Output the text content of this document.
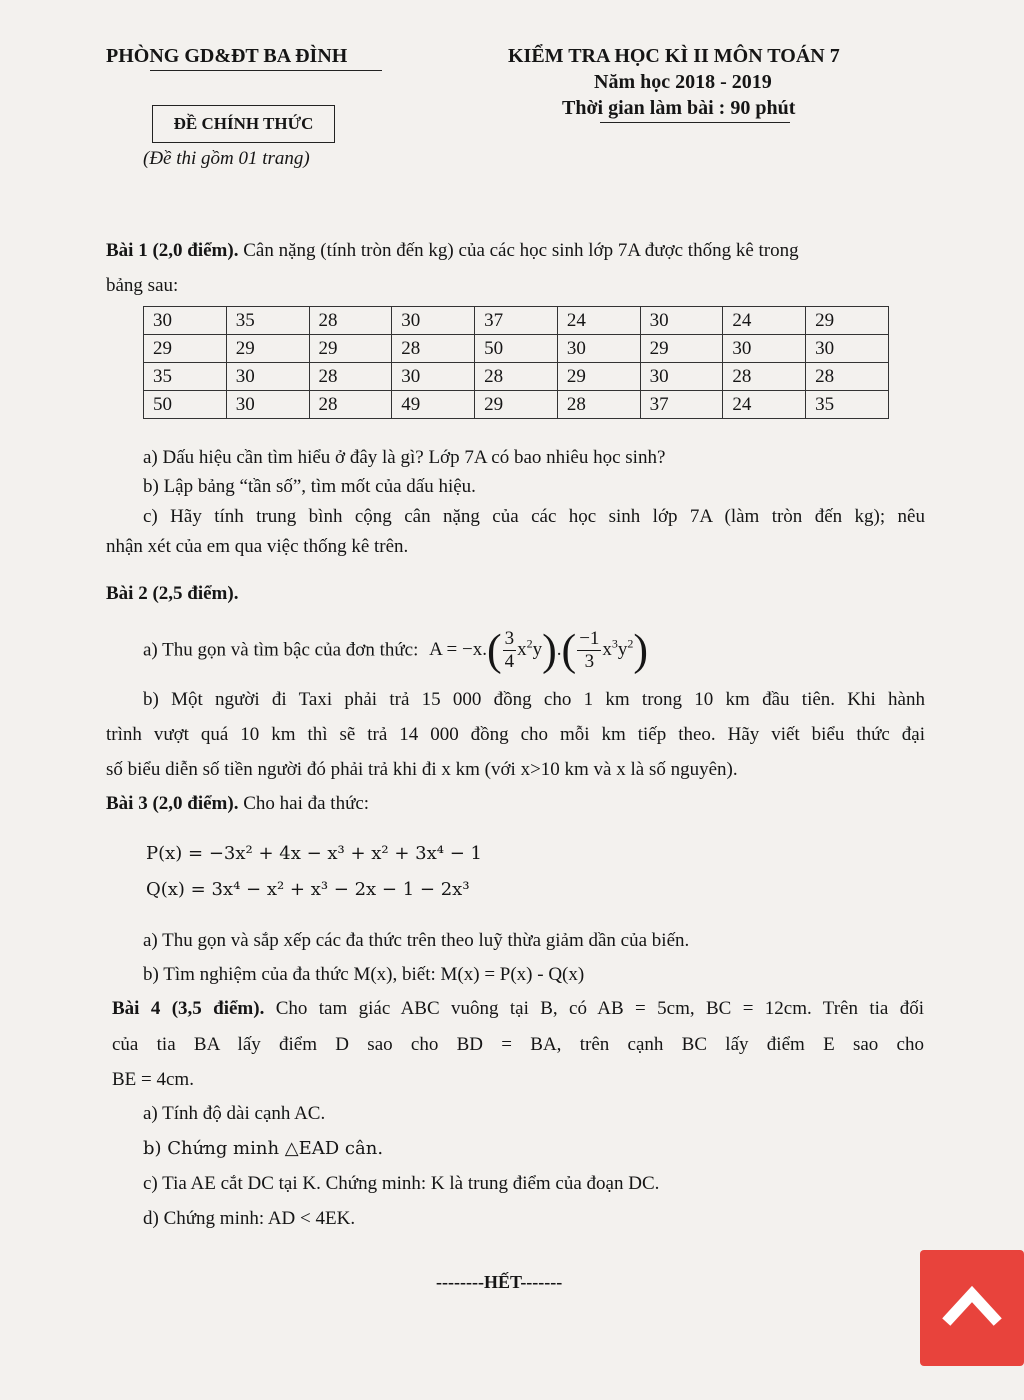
PHÒNG GD&ĐT BA ĐÌNH	KIỂM TRA HỌC KÌ II MÔN TOÁN 7
Năm học 2018 - 2019
Thời gian làm bài : 90 phút
ĐỀ CHÍNH THỨC
(Đề thi gồm 01 trang)
Bài 1 (2,0 điểm). Cân nặng (tính tròn đến kg) của các học sinh lớp 7A được thống kê trong
bảng sau:
30	35	28	30	37	24	30	24	29
29	29	29	28	50	30	29	30	30
35	30	28	30	28	29	30	28	28
50	30	28	49	29	28	37	24	35
a) Dấu hiệu cần tìm hiểu ở đây là gì? Lớp 7A có bao nhiêu học sinh?
b) Lập bảng “tần số”, tìm mốt của dấu hiệu.
c) Hãy tính trung bình cộng cân nặng của các học sinh lớp 7A (làm tròn đến kg); nêu
nhận xét của em qua việc thống kê trên.
Bài 2 (2,5 điểm).
a) Thu gọn và tìm bậc của đơn thức: $A = -x.( \frac{3}{4} x^2y).( \frac{-1}{3} x^3y^2)$
b) Một người đi Taxi phải trả 15 000 đồng cho 1 km trong 10 km đầu tiên. Khi hành
trình vượt quá 10 km thì sẽ trả 14 000 đồng cho mỗi km tiếp theo. Hãy viết biểu thức đại
số biểu diễn số tiền người đó phải trả khi đi x km (với x>10 km và x là số nguyên).
Bài 3 (2,0 điểm). Cho hai đa thức:
P(x) = −3x² + 4x − x³ + x² + 3x⁴ − 1
Q(x) = 3x⁴ − x² + x³ − 2x − 1 − 2x³
a) Thu gọn và sắp xếp các đa thức trên theo luỹ thừa giảm dần của biến.
b) Tìm nghiệm của đa thức M(x), biết: M(x) = P(x) - Q(x)
Bài 4 (3,5 điểm). Cho tam giác ABC vuông tại B, có AB = 5cm, BC = 12cm. Trên tia đối
của tia BA lấy điểm D sao cho BD = BA, trên cạnh BC lấy điểm E sao cho
BE = 4cm.
a) Tính độ dài cạnh AC.
b) Chứng minh △EAD cân.
c) Tia AE cắt DC tại K. Chứng minh: K là trung điểm của đoạn DC.
d) Chứng minh: AD < 4EK.
--------HẾT-------
